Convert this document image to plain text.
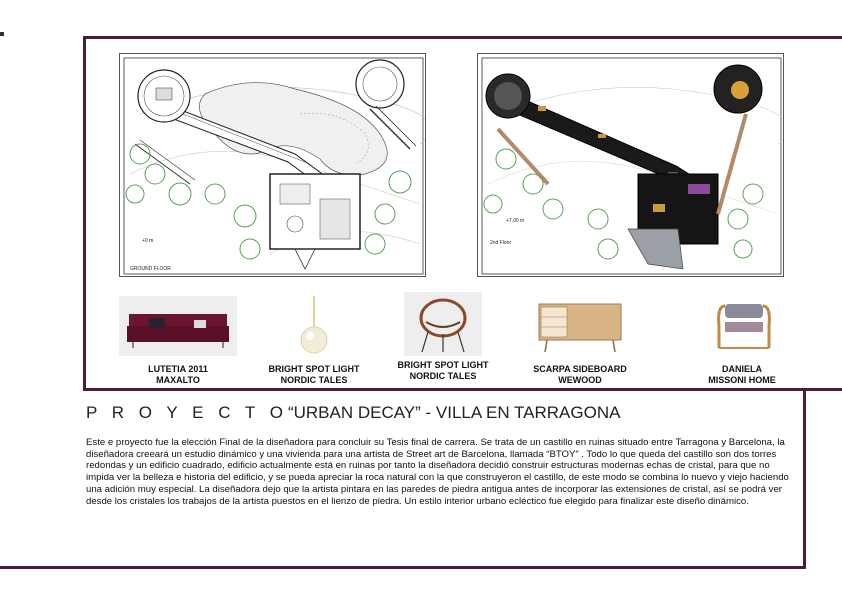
GROUND FLOOR
+0 m	2nd Floor
+7.00 m
LUTETIA 2011
MAXALTO
BRIGHT SPOT LIGHT
NORDIC TALES
BRIGHT SPOT LIGHT
NORDIC TALES
SCARPA SIDEBOARD
WEWOOD
DANIELA
MISSONI HOME
P R O Y E C T O“URBAN DECAY” - VILLA EN TARRAGONA

Este e proyecto fue la elección Final de la diseñadora para concluir su Tesis final de carrera. Se trata de un castillo en ruinas situado entre Tarragona y Barcelona, la diseñadora creeará un estudio dinámico y una vivienda para una artista de Street art de Barcelona, llamada “BTOY” . Todo lo que queda del castillo son dos torres redondas y un edificio cuadrado, edificio actualmente está en ruinas por tanto la diseñadora decidió construir estructuras modernas echas de cristal, para que no impida ver la belleza e historia del edificio, y se pueda apreciar la roca natural con la que construyeron el castillo, de este modo se combina lo nuevo y viejo haciendo una adición muy especial. La diseñadora dejo que la artista pintara en las paredes de piedra antigua antes de incorporar las extensiones de cristal, así se podrá ver desde los cristales los trabajos de la artista puestos en el lienzo de piedra. Un estilo interior urbano ecléctico fue elegido para finalizar este diseño dinámico.
